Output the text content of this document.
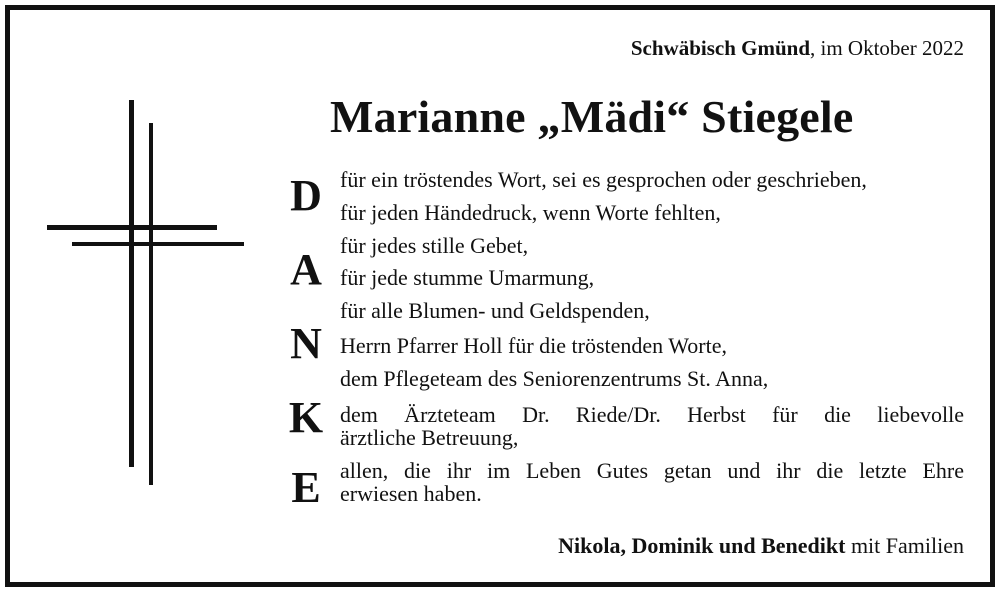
Schwäbisch Gmünd, im Oktober 2022
Marianne „Mädi“ Stiegele
D
A
N
K
E
für ein tröstendes Wort, sei es gesprochen oder geschrieben,
für jeden Händedruck, wenn Worte fehlten,
für jedes stille Gebet,
für jede stumme Umarmung,
für alle Blumen- und Geldspenden,
Herrn Pfarrer Holl für die tröstenden Worte,
dem Pflegeteam des Seniorenzentrums St. Anna,
dem Ärzteteam Dr. Riede/Dr. Herbst für die liebevolle
ärztliche Betreuung,
allen, die ihr im Leben Gutes getan und ihr die letzte Ehre
erwiesen haben.
Nikola, Dominik und Benedikt mit Familien
